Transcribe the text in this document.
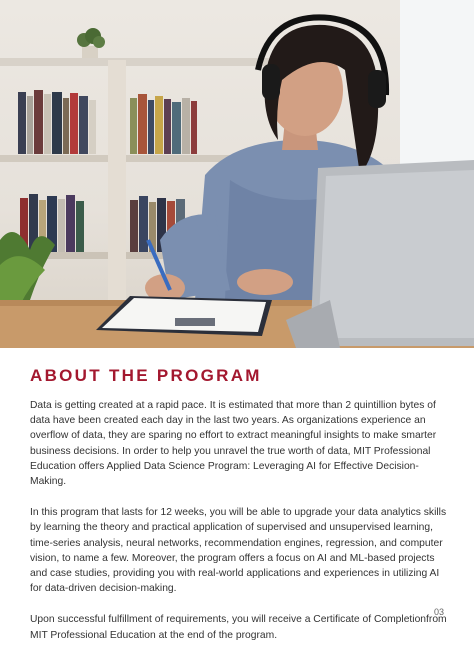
ABOUT THE PROGRAM

Data is getting created at a rapid pace. It is estimated that more than 2 quintillion bytes of data have been created each day in the last two years. As organizations experience an overflow of data, they are sparing no effort to extract meaningful insights to make smarter business decisions. In order to help you unravel the true worth of data, MIT Professional Education offers Applied Data Science Program: Leveraging AI for Effective Decision-Making.

In this program that lasts for 12 weeks, you will be able to upgrade your data analytics skills by learning the theory and practical application of supervised and unsupervised learning, time-series analysis, neural networks, recommendation engines, regression, and computer vision, to name a few. Moreover, the program offers a focus on AI and ML-based projects and case studies, providing you with real-world applications and experiences in utilizing AI for data-driven decision-making.

Upon successful fulfillment of requirements, you will receive a Certificate of Completionfrom MIT Professional Education at the end of the program.

03
